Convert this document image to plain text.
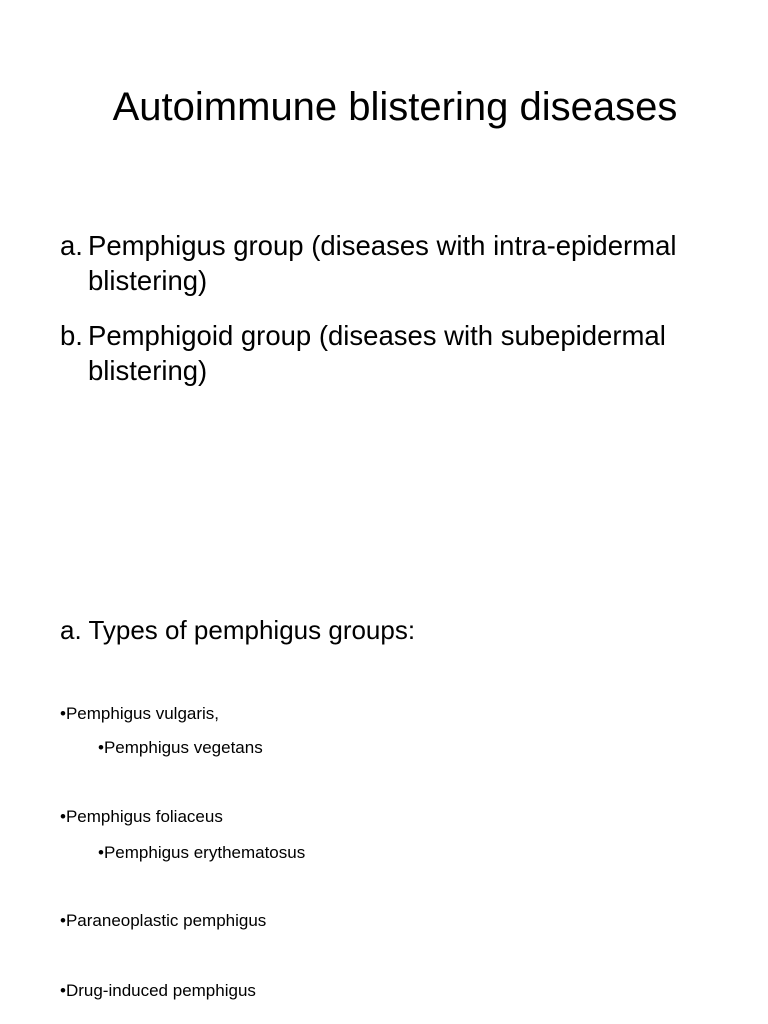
Autoimmune blistering diseases
a. Pemphigus group (diseases with intra-epidermal blistering)
b. Pemphigoid group (diseases with subepidermal blistering)
a. Types of pemphigus groups:
•Pemphigus vulgaris,
•Pemphigus vegetans
•Pemphigus foliaceus
•Pemphigus erythematosus
•Paraneoplastic pemphigus
•Drug-induced pemphigus
